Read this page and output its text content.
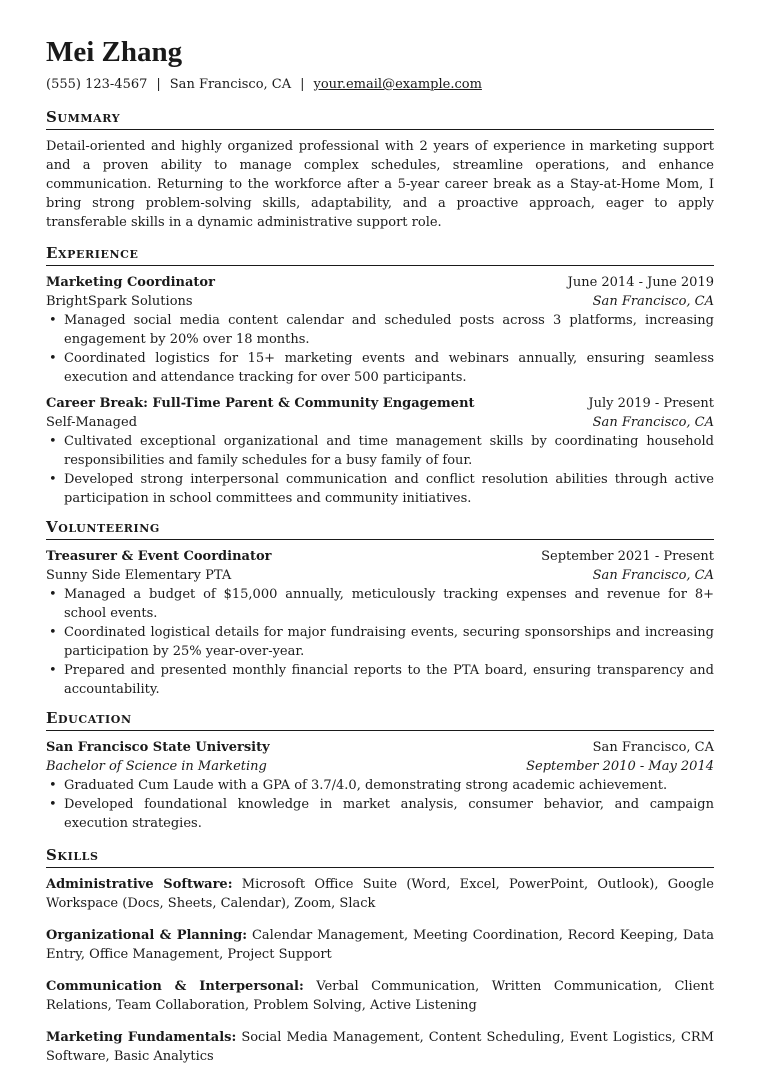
Mei Zhang
(555) 123-4567 | San Francisco, CA | your.email@example.com
Summary

Detail-oriented and highly organized professional with 2 years of experience in marketing support and a proven ability to manage complex schedules, streamline operations, and enhance communication. Returning to the workforce after a 5-year career break as a Stay-at-Home Mom, I bring strong problem-solving skills, adaptability, and a proactive approach, eager to apply transferable skills in a dynamic administrative support role.

Experience
Marketing Coordinator	June 2014 - June 2019
BrightSpark Solutions	San Francisco, CA
• Managed social media content calendar and scheduled posts across 3 platforms, increasing engagement by 20% over 18 months.
• Coordinated logistics for 15+ marketing events and webinars annually, ensuring seamless execution and attendance tracking for over 500 participants.
Career Break: Full-Time Parent & Community Engagement	July 2019 - Present
Self-Managed	San Francisco, CA
• Cultivated exceptional organizational and time management skills by coordinating household responsibilities and family schedules for a busy family of four.
• Developed strong interpersonal communication and conflict resolution abilities through active participation in school committees and community initiatives.
Volunteering
Treasurer & Event Coordinator	September 2021 - Present
Sunny Side Elementary PTA	San Francisco, CA
• Managed a budget of $15,000 annually, meticulously tracking expenses and revenue for 8+ school events.
• Coordinated logistical details for major fundraising events, securing sponsorships and increasing participation by 25% year-over-year.
• Prepared and presented monthly financial reports to the PTA board, ensuring transparency and accountability.
Education
San Francisco State University	San Francisco, CA
Bachelor of Science in Marketing	September 2010 - May 2014
• Graduated Cum Laude with a GPA of 3.7/4.0, demonstrating strong academic achievement.
• Developed foundational knowledge in market analysis, consumer behavior, and campaign execution strategies.
Skills

Administrative Software: Microsoft Office Suite (Word, Excel, PowerPoint, Outlook), Google Workspace (Docs, Sheets, Calendar), Zoom, Slack

Organizational & Planning: Calendar Management, Meeting Coordination, Record Keeping, Data Entry, Office Management, Project Support

Communication & Interpersonal: Verbal Communication, Written Communication, Client Relations, Team Collaboration, Problem Solving, Active Listening

Marketing Fundamentals: Social Media Management, Content Scheduling, Event Logistics, CRM Software, Basic Analytics
